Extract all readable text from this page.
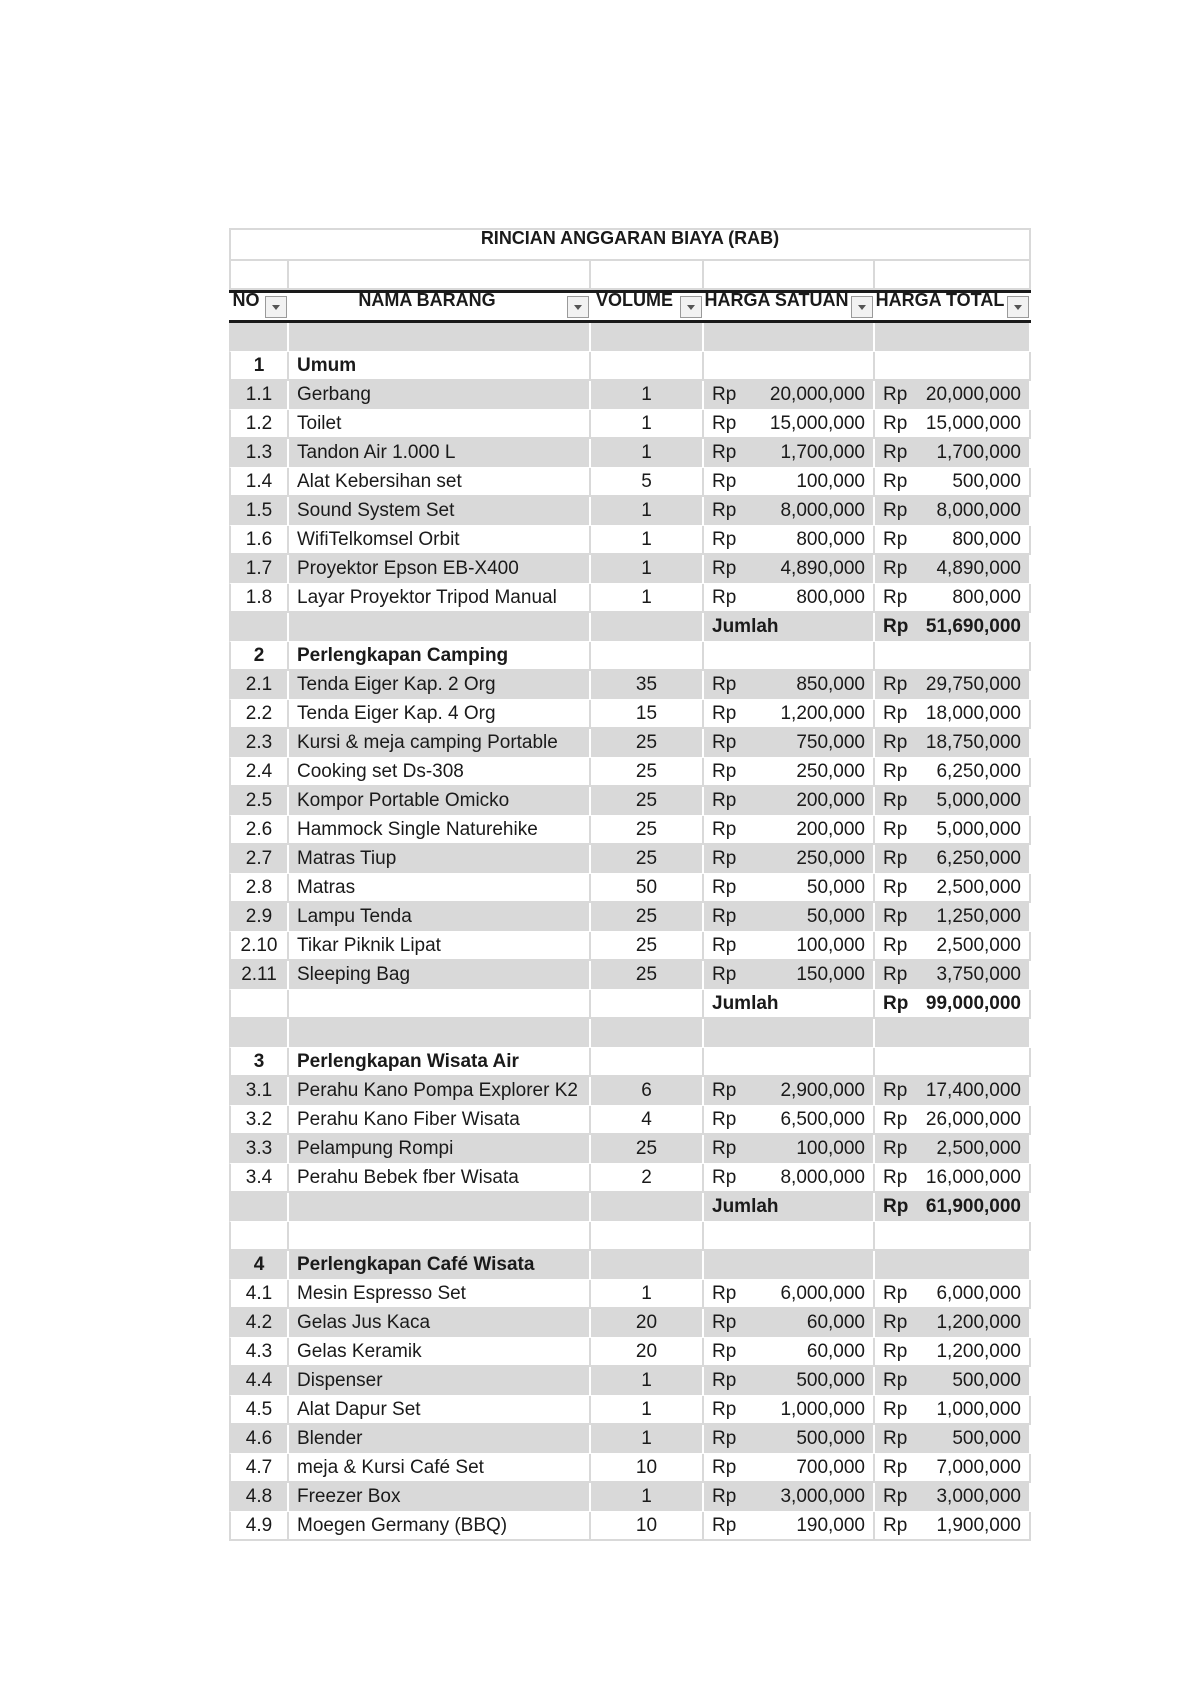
RINCIAN ANGGARAN BIAYA (RAB)
NO	NAMA BARANG	VOLUME HARGA SATUAN HARGA TOTAL
1	Umum
1.1	Gerbang	1	Rp 20,000,000 Rp 20,000,000
1.2	Toilet	1	Rp 15,000,000 Rp 15,000,000
1.3	Tandon Air 1.000 L	1	Rp 1,700,000 Rp 1,700,000
1.4	Alat Kebersihan set	5	Rp	100,000 Rp 500,000
1.5	Sound System Set	1	Rp 8,000,000 Rp 8,000,000
1.6	WifiTelkomsel Orbit	1	Rp	800,000 Rp 800,000
1.7	Proyektor Epson EB-X400	1	Rp 4,890,000 Rp 4,890,000
1.8	Layar Proyektor Tripod Manual	1	Rp	800,000 Rp 800,000
Jumlah	Rp 51,690,000
2	Perlengkapan Camping
2.1	Tenda Eiger Kap. 2 Org	35	Rp	850,000 Rp 29,750,000
2.2	Tenda Eiger Kap. 4 Org	15	Rp 1,200,000 Rp 18,000,000
2.3	Kursi & meja camping Portable	25	Rp	750,000 Rp 18,750,000
2.4	Cooking set Ds-308	25	Rp	250,000 Rp 6,250,000
2.5	Kompor Portable Omicko	25	Rp	200,000 Rp 5,000,000
2.6	Hammock Single Naturehike	25	Rp	200,000 Rp 5,000,000
2.7	Matras Tiup	25	Rp	250,000 Rp 6,250,000
2.8	Matras	50	Rp	50,000 Rp 2,500,000
2.9	Lampu Tenda	25	Rp	50,000 Rp 1,250,000
2.10	Tikar Piknik Lipat	25	Rp	100,000 Rp 2,500,000
2.11	Sleeping Bag	25	Rp	150,000 Rp 3,750,000
Jumlah	Rp 99,000,000
3	Perlengkapan Wisata Air
3.1	Perahu Kano Pompa Explorer K2	6	Rp 2,900,000 Rp 17,400,000
3.2	Perahu Kano Fiber Wisata	4	Rp 6,500,000 Rp 26,000,000
3.3	Pelampung Rompi	25	Rp	100,000 Rp 2,500,000
3.4	Perahu Bebek fber Wisata	2	Rp 8,000,000 Rp 16,000,000
Jumlah	Rp 61,900,000
4	Perlengkapan Café Wisata
4.1	Mesin Espresso Set	1	Rp 6,000,000 Rp 6,000,000
4.2	Gelas Jus Kaca	20	Rp	60,000 Rp 1,200,000
4.3	Gelas Keramik	20	Rp	60,000 Rp 1,200,000
4.4	Dispenser	1	Rp	500,000 Rp 500,000
4.5	Alat Dapur Set	1	Rp 1,000,000 Rp 1,000,000
4.6	Blender	1	Rp	500,000 Rp 500,000
4.7	meja & Kursi Café Set	10	Rp	700,000 Rp 7,000,000
4.8	Freezer Box	1	Rp 3,000,000 Rp 3,000,000
4.9	Moegen Germany (BBQ)	10	Rp	190,000 Rp 1,900,000
